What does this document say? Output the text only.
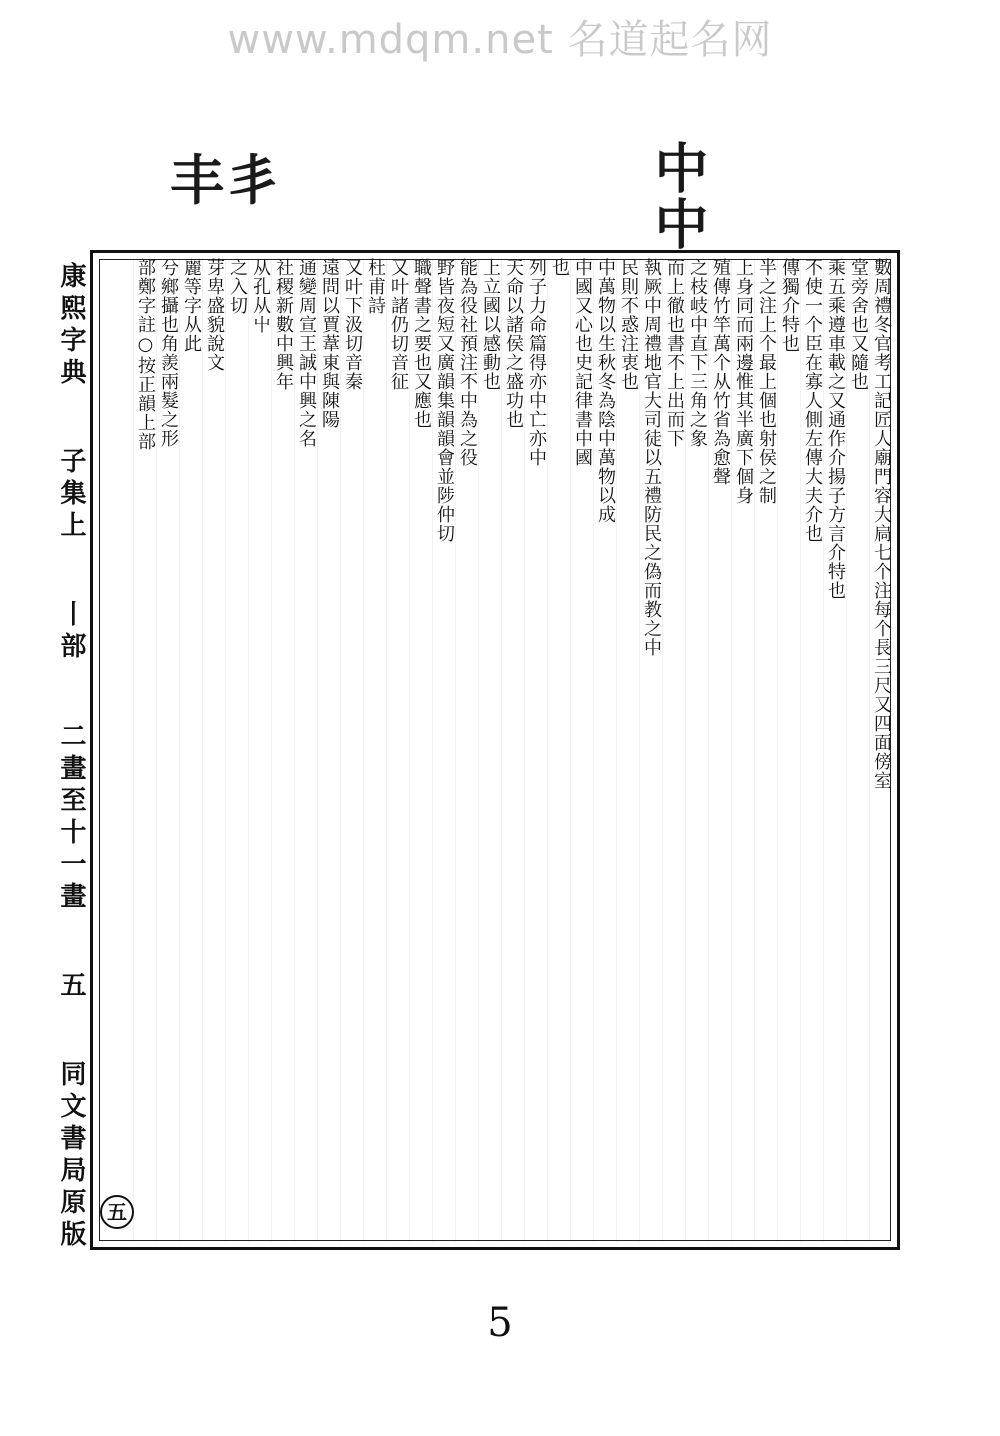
www.mdqm.net 名道起名网
丰丯	中中
康熙字典
子集上
丨部
二畫至十一畫
五
同文書局原版
數周禮冬官考工記匠人廟門容大扃七个注每个長三尺又四面傍室
堂旁舍也又隨也
乘五乘遵車載之又通作介揚子方言介特也
不使一个臣在寡人側左傳大夫介也
傳獨介特也
半之注上个最上個也射侯之制
上身同而兩邊惟其半廣下個身
殖傳竹竿萬个从竹省為愈聲
之枝岐中直下三角之象
而上徹也書不上出而下
執厥中周禮地官大司徒以五禮防民之偽而教之中
民則不惑注衷也
中萬物以生秋冬為陰中萬物以成
中國又心也史記律書中國
也
列子力命篇得亦中亡亦中
天命以諸侯之盛功也
上立國以感動也
能為役社預注不中為之役
野皆夜短又廣韻集韻韻會並陟仲切
職聲書之要也又應也
又叶諸仍切音征
杜甫詩
又叶下汲切音秦
遠問以賈葦東與陳陽
通變周宣王誠中興之名
社稷新數中興年
从孔从屮
之入切
芽卑盛貌說文
麗等字从此
兮鄉攝也角羨兩髮之形
部鄭字註○按正韻上部
五
5
